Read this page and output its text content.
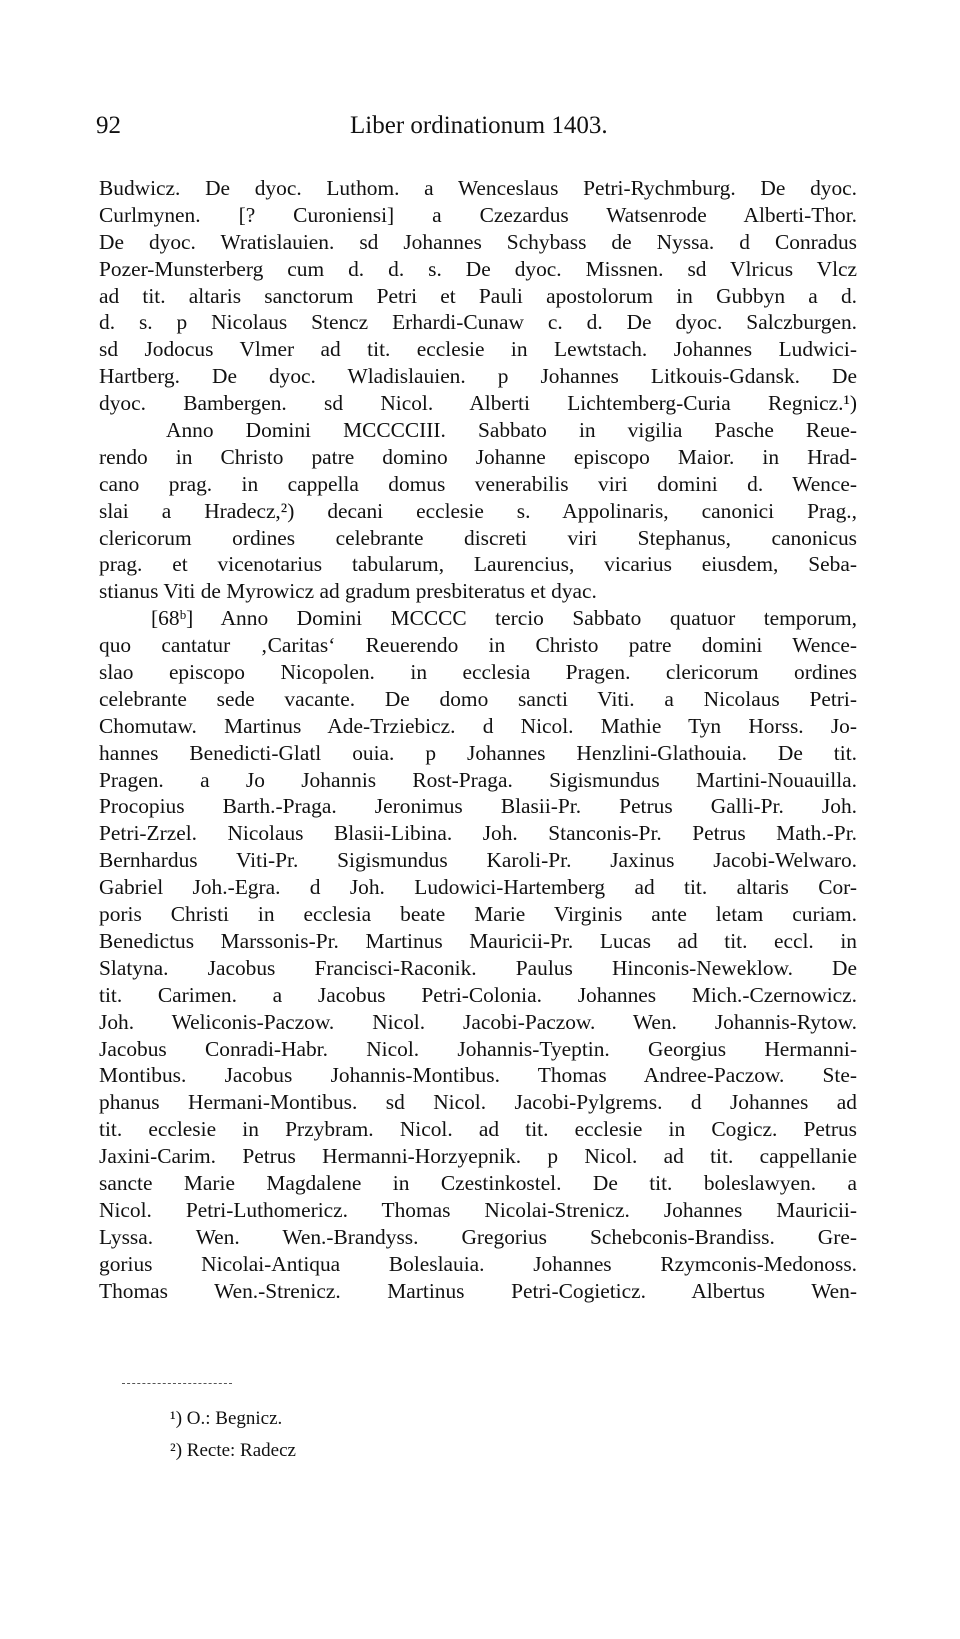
92	Liber ordinationum 1403.
Budwicz. De dyoc. Luthom. a Wenceslaus Petri-Rychmburg. De dyoc.
Curlmynen. [? Curoniensi] a Czezardus Watsenrode Alberti-Thor.
De dyoc. Wratislauien. sd Johannes Schybass de Nyssa. d Conradus
Pozer-Munsterberg cum d. d. s. De dyoc. Missnen. sd Vlricus Vlcz
ad tit. altaris sanctorum Petri et Pauli apostolorum in Gubbyn a d.
d. s. p Nicolaus Stencz Erhardi-Cunaw c. d. De dyoc. Salczburgen.
sd Jodocus Vlmer ad tit. ecclesie in Lewtstach. Johannes Ludwici-
Hartberg. De dyoc. Wladislauien. p Johannes Litkouis-Gdansk. De
dyoc. Bambergen. sd Nicol. Alberti Lichtemberg-Curia Regnicz.¹)
Anno Domini MCCCCIII. Sabbato in vigilia Pasche Reue-
rendo in Christo patre domino Johanne episcopo Maior. in Hrad-
cano prag. in cappella domus venerabilis viri domini d. Wence-
slai a Hradecz,²) decani ecclesie s. Appolinaris, canonici Prag.,
clericorum ordines celebrante discreti viri Stephanus, canonicus
prag. et vicenotarius tabularum, Laurencius, vicarius eiusdem, Seba-
stianus Viti de Myrowicz ad gradum presbiteratus et dyac.
[68ᵇ] Anno Domini MCCCC tercio Sabbato quatuor temporum,
quo cantatur ‚Caritas‘ Reuerendo in Christo patre domini Wence-
slao episcopo Nicopolen. in ecclesia Pragen. clericorum ordines
celebrante sede vacante. De domo sancti Viti. a Nicolaus Petri-
Chomutaw. Martinus Ade-Trziebicz. d Nicol. Mathie Tyn Horss. Jo-
hannes Benedicti-Glatl ouia. p Johannes Henzlini-Glathouia. De tit.
Pragen. a Jo Johannis Rost-Praga. Sigismundus Martini-Nouauilla.
Procopius Barth.-Praga. Jeronimus Blasii-Pr. Petrus Galli-Pr. Joh.
Petri-Zrzel. Nicolaus Blasii-Libina. Joh. Stanconis-Pr. Petrus Math.-Pr.
Bernhardus Viti-Pr. Sigismundus Karoli-Pr. Jaxinus Jacobi-Welwaro.
Gabriel Joh.-Egra. d Joh. Ludowici-Hartemberg ad tit. altaris Cor-
poris Christi in ecclesia beate Marie Virginis ante letam curiam.
Benedictus Marssonis-Pr. Martinus Mauricii-Pr. Lucas ad tit. eccl. in
Slatyna. Jacobus Francisci-Raconik. Paulus Hinconis-Neweklow. De
tit. Carimen. a Jacobus Petri-Colonia. Johannes Mich.-Czernowicz.
Joh. Weliconis-Paczow. Nicol. Jacobi-Paczow. Wen. Johannis-Rytow.
Jacobus Conradi-Habr. Nicol. Johannis-Tyeptin. Georgius Hermanni-
Montibus. Jacobus Johannis-Montibus. Thomas Andree-Paczow. Ste-
phanus Hermani-Montibus. sd Nicol. Jacobi-Pylgrems. d Johannes ad
tit. ecclesie in Przybram. Nicol. ad tit. ecclesie in Cogicz. Petrus
Jaxini-Carim. Petrus Hermanni-Horzyepnik. p Nicol. ad tit. cappellanie
sancte Marie Magdalene in Czestinkostel. De tit. boleslawyen. a
Nicol. Petri-Luthomericz. Thomas Nicolai-Strenicz. Johannes Mauricii-
Lyssa. Wen. Wen.-Brandyss. Gregorius Schebconis-Brandiss. Gre-
gorius Nicolai-Antiqua Boleslauia. Johannes Rzymconis-Medonoss.
Thomas Wen.-Strenicz. Martinus Petri-Cogieticz. Albertus Wen-
¹) O.: Begnicz.
²) Recte: Radecz
